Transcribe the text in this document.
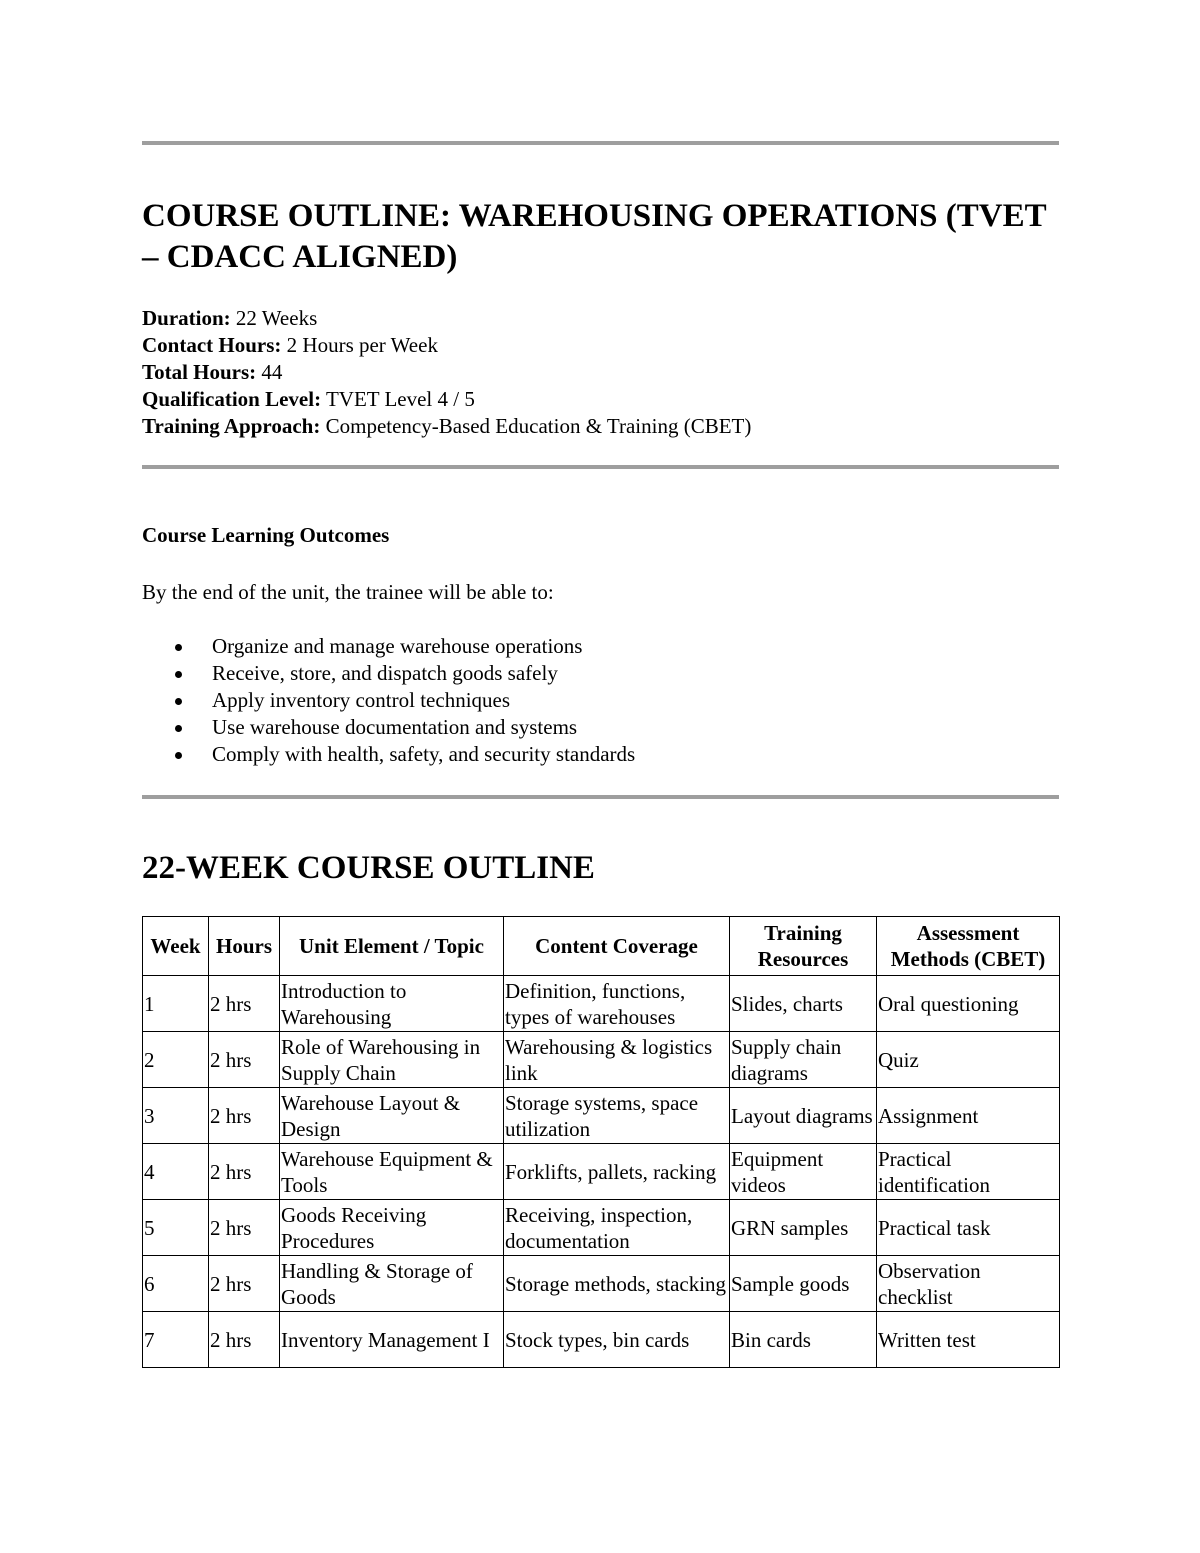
COURSE OUTLINE: WAREHOUSING OPERATIONS (TVET – CDACC ALIGNED)
Duration: 22 Weeks
Contact Hours: 2 Hours per Week
Total Hours: 44
Qualification Level: TVET Level 4 / 5
Training Approach: Competency-Based Education & Training (CBET)
Course Learning Outcomes

By the end of the unit, the trainee will be able to:

Organize and manage warehouse operations
Receive, store, and dispatch goods safely
Apply inventory control techniques
Use warehouse documentation and systems
Comply with health, safety, and security standards
22-WEEK COURSE OUTLINE
Week	Hours	Unit Element / Topic	Content Coverage	Training Resources	Assessment Methods (CBET)
1	2 hrs	Introduction to Warehousing	Definition, functions, types of warehouses	Slides, charts	Oral questioning
2	2 hrs	Role of Warehousing in Supply Chain	Warehousing & logistics link	Supply chain diagrams	Quiz
3	2 hrs	Warehouse Layout & Design	Storage systems, space utilization	Layout diagrams	Assignment
4	2 hrs	Warehouse Equipment & Tools	Forklifts, pallets, racking	Equipment videos	Practical identification
5	2 hrs	Goods Receiving Procedures	Receiving, inspection, documentation	GRN samples	Practical task
6	2 hrs	Handling & Storage of Goods	Storage methods, stacking	Sample goods	Observation checklist
7	2 hrs	Inventory Management I	Stock types, bin cards	Bin cards	Written test
